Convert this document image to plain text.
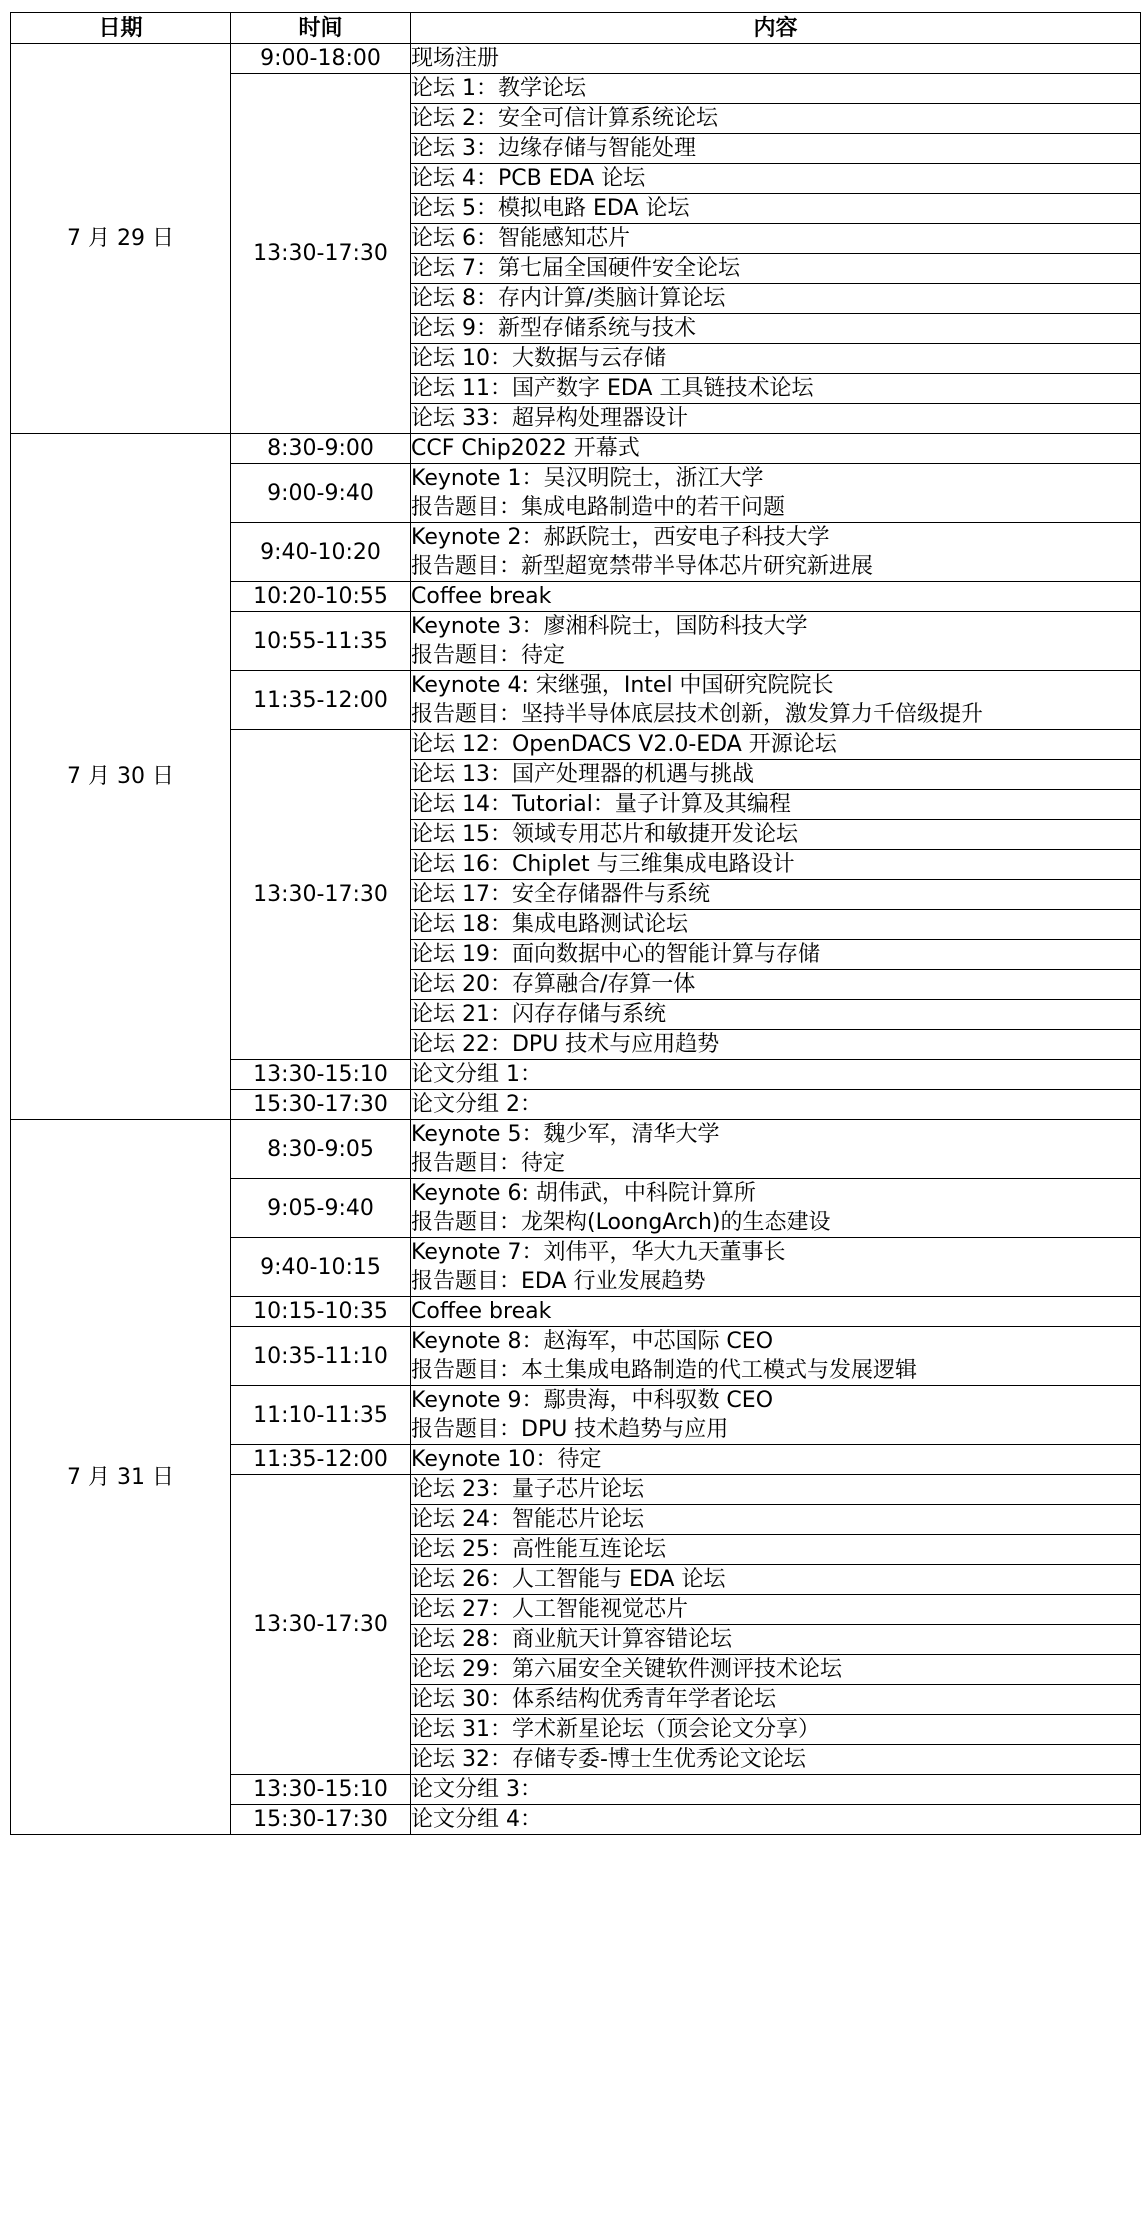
日期	时间	内容
7 月 29 日	9:00-18:00	现场注册

	13:30-17:30	论坛 1：教学论坛

		论坛 2：安全可信计算系统论坛

		论坛 3：边缘存储与智能处理

		论坛 4：PCB EDA 论坛

		论坛 5：模拟电路 EDA 论坛

		论坛 6：智能感知芯片

		论坛 7：第七届全国硬件安全论坛

		论坛 8：存内计算/类脑计算论坛

		论坛 9：新型存储系统与技术

		论坛 10：大数据与云存储

		论坛 11：国产数字 EDA 工具链技术论坛

		论坛 33：超异构处理器设计

7 月 30 日	8:30-9:00	CCF Chip2022 开幕式

	9:00-9:40	Keynote 1：吴汉明院士，浙江大学
报告题目：集成电路制造中的若干问题

	9:40-10:20	Keynote 2：郝跃院士，西安电子科技大学
报告题目：新型超宽禁带半导体芯片研究新进展

	10:20-10:55	Coffee break

	10:55-11:35	Keynote 3：廖湘科院士，国防科技大学
报告题目：待定

	11:35-12:00	Keynote 4: 宋继强，Intel 中国研究院院长
报告题目：坚持半导体底层技术创新，激发算力千倍级提升

	13:30-17:30	论坛 12：OpenDACS V2.0-EDA 开源论坛

		论坛 13：国产处理器的机遇与挑战

		论坛 14：Tutorial：量子计算及其编程

		论坛 15：领域专用芯片和敏捷开发论坛

		论坛 16：Chiplet 与三维集成电路设计

		论坛 17：安全存储器件与系统

		论坛 18：集成电路测试论坛

		论坛 19：面向数据中心的智能计算与存储

		论坛 20：存算融合/存算一体

		论坛 21：闪存存储与系统

		论坛 22：DPU 技术与应用趋势

	13:30-15:10	论文分组 1：

	15:30-17:30	论文分组 2：

7 月 31 日	8:30-9:05	Keynote 5：魏少军，清华大学
报告题目：待定

	9:05-9:40	Keynote 6: 胡伟武，中科院计算所
报告题目：龙架构(LoongArch)的生态建设

	9:40-10:15	Keynote 7：刘伟平，华大九天董事长
报告题目：EDA 行业发展趋势

	10:15-10:35	Coffee break

	10:35-11:10	Keynote 8：赵海军，中芯国际 CEO
报告题目：本土集成电路制造的代工模式与发展逻辑

	11:10-11:35	Keynote 9：鄢贵海，中科驭数 CEO
报告题目：DPU 技术趋势与应用

	11:35-12:00	Keynote 10：待定

	13:30-17:30	论坛 23：量子芯片论坛

		论坛 24：智能芯片论坛

		论坛 25：高性能互连论坛

		论坛 26：人工智能与 EDA 论坛

		论坛 27：人工智能视觉芯片

		论坛 28：商业航天计算容错论坛

		论坛 29：第六届安全关键软件测评技术论坛

		论坛 30：体系结构优秀青年学者论坛

		论坛 31：学术新星论坛（顶会论文分享）

		论坛 32：存储专委-博士生优秀论文论坛

	13:30-15:10	论文分组 3：

	15:30-17:30	论文分组 4：
